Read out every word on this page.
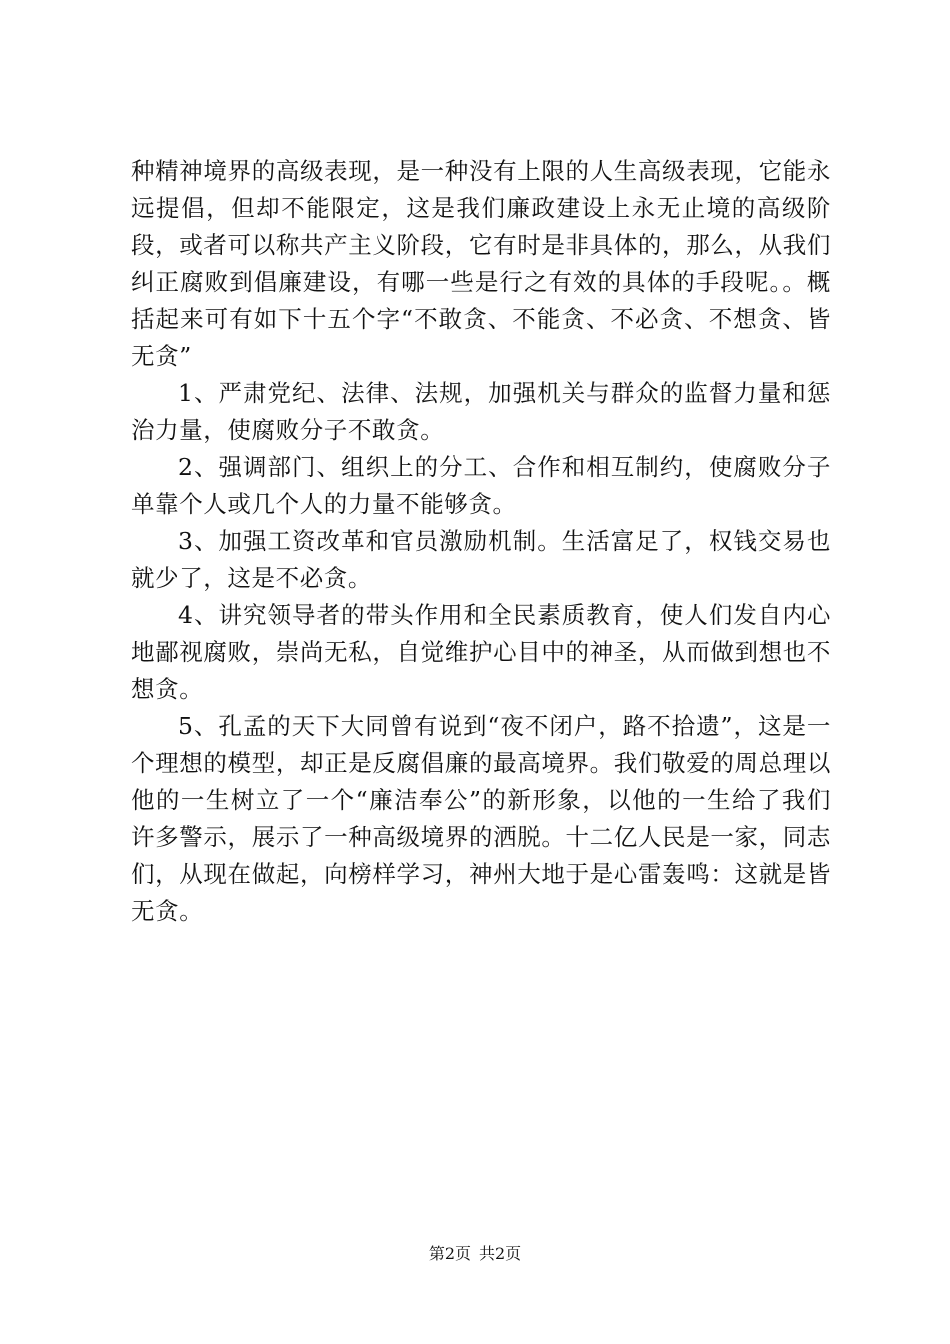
种精神境界的高级表现，是一种没有上限的人生高级表现，它能永远提倡，但却不能限定，这是我们廉政建设上永无止境的高级阶段，或者可以称共产主义阶段，它有时是非具体的，那么，从我们纠正腐败到倡廉建设，有哪一些是行之有效的具体的手段呢。。概括起来可有如下十五个字“不敢贪、不能贪、不必贪、不想贪、皆无贪”

1、严肃党纪、法律、法规，加强机关与群众的监督力量和惩治力量，使腐败分子不敢贪。

2、强调部门、组织上的分工、合作和相互制约，使腐败分子单靠个人或几个人的力量不能够贪。

3、加强工资改革和官员激励机制。生活富足了，权钱交易也就少了，这是不必贪。

4、讲究领导者的带头作用和全民素质教育，使人们发自内心地鄙视腐败，崇尚无私，自觉维护心目中的神圣，从而做到想也不想贪。

5、孔孟的天下大同曾有说到“夜不闭户，路不拾遗”，这是一个理想的模型，却正是反腐倡廉的最高境界。我们敬爱的周总理以他的一生树立了一个“廉洁奉公”的新形象，以他的一生给了我们许多警示，展示了一种高级境界的洒脱。十二亿人民是一家，同志们，从现在做起，向榜样学习，神州大地于是心雷轰鸣：这就是皆无贪。

第2页 共2页
